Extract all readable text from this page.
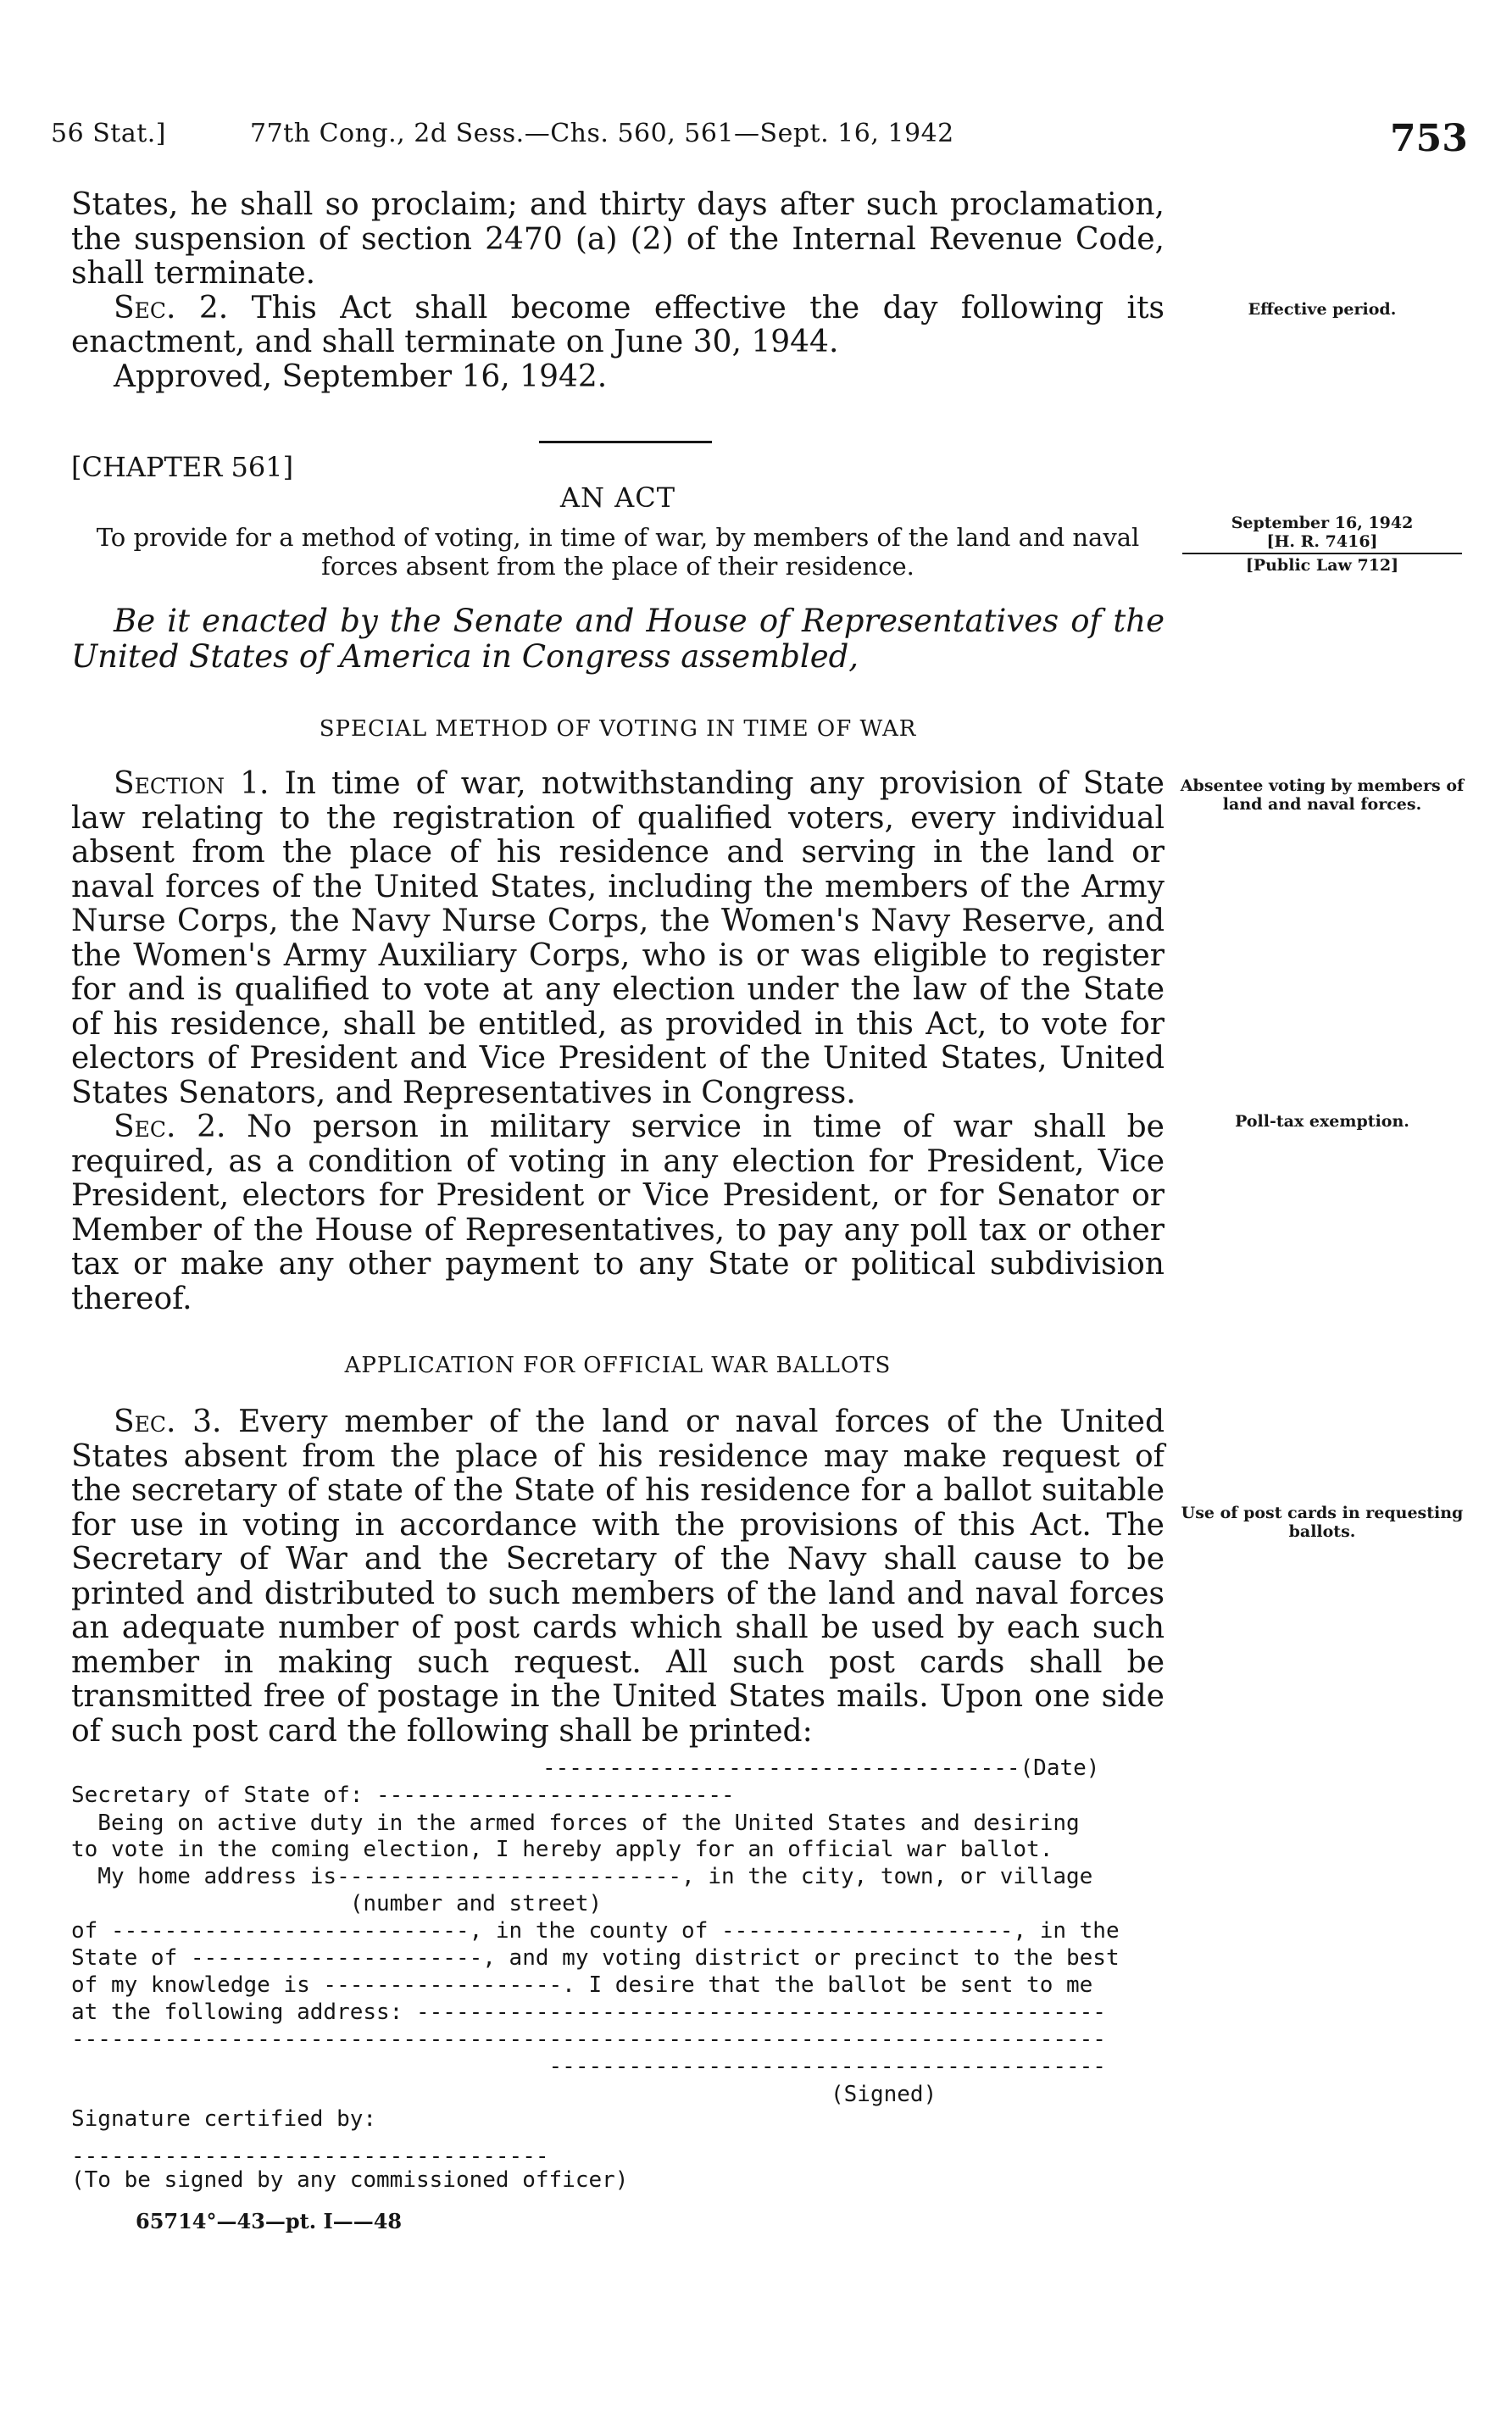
56 Stat.]	77th Cong., 2d Sess.—Chs. 560, 561—Sept. 16, 1942	753

States, he shall so proclaim; and thirty days after such proclamation, the suspension of section 2470 (a) (2) of the Internal Revenue Code, shall terminate.

Sec. 2. This Act shall become effective the day following its enactment, and shall terminate on June 30, 1944.

Approved, September 16, 1942.

Effective period.
[CHAPTER 561]
AN ACT
To provide for a method of voting, in time of war, by members of the land and naval forces absent from the place of their residence.
September 16, 1942
[H. R. 7416]
[Public Law 712]

Be it enacted by the Senate and House of Representatives of the United States of America in Congress assembled,

SPECIAL METHOD OF VOTING IN TIME OF WAR

Section 1. In time of war, notwithstanding any provision of State law relating to the registration of qualified voters, every individual absent from the place of his residence and serving in the land or naval forces of the United States, including the members of the Army Nurse Corps, the Navy Nurse Corps, the Women's Navy Reserve, and the Women's Army Auxiliary Corps, who is or was eligible to register for and is qualified to vote at any election under the law of the State of his residence, shall be entitled, as provided in this Act, to vote for electors of President and Vice President of the United States, United States Senators, and Representatives in Congress.

Sec. 2. No person in military service in time of war shall be required, as a condition of voting in any election for President, Vice President, electors for President or Vice President, or for Senator or Member of the House of Representatives, to pay any poll tax or other tax or make any other payment to any State or political subdivision thereof.

Absentee voting by members of land and naval forces.
Poll-tax exemption.
APPLICATION FOR OFFICIAL WAR BALLOTS

Sec. 3. Every member of the land or naval forces of the United States absent from the place of his residence may make request of the secretary of state of the State of his residence for a ballot suitable for use in voting in accordance with the provisions of this Act. The Secretary of War and the Secretary of the Navy shall cause to be printed and distributed to such members of the land and naval forces an adequate number of post cards which shall be used by each such member in making such request. All such post cards shall be transmitted free of postage in the United States mails. Upon one side of such post card the following shall be printed:

Use of post cards in requesting ballots.
------------------------------------(Date)
Secretary of State of: ---------------------------
Being on active duty in the armed forces of the United States and desiring
to vote in the coming election, I hereby apply for an official war ballot.
My home address is--------------------------, in the city, town, or village
(number and street)
of ---------------------------, in the county of ----------------------, in the
State of ----------------------, and my voting district or precinct to the best
of my knowledge is ------------------. I desire that the ballot be sent to me
at the following address: ----------------------------------------------------
------------------------------------------------------------------------------
------------------------------------------
(Signed)
Signature certified by:
------------------------------------
(To be signed by any commissioned officer)
65714°—43—pt. I——48
